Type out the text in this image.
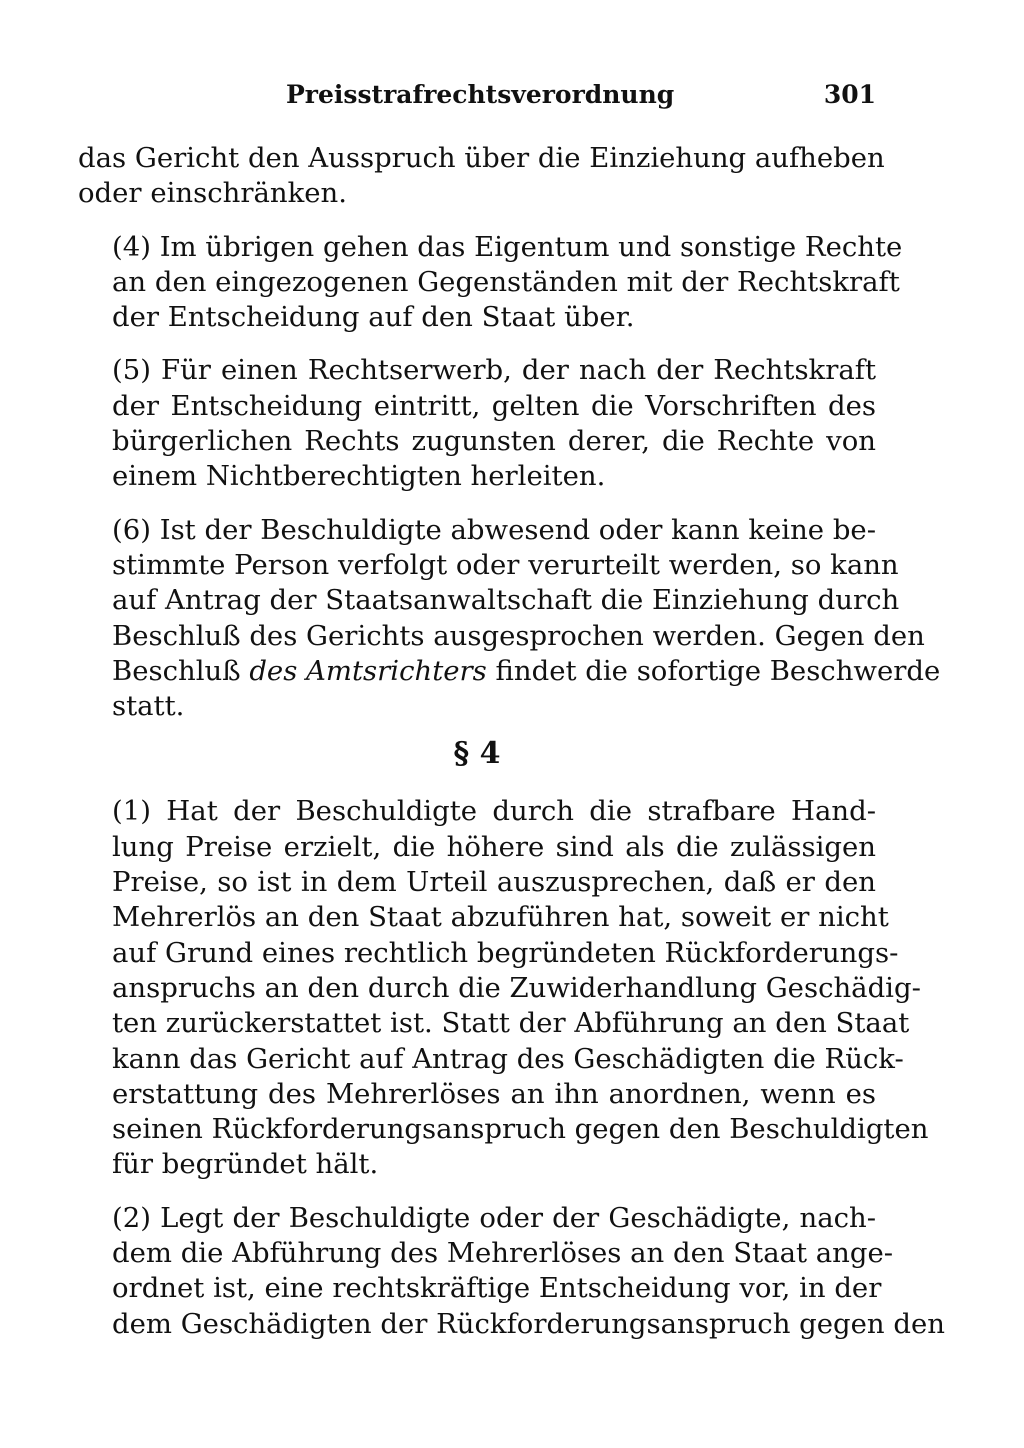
Preisstrafrechtsverordnung	301

das Gericht den Ausspruch über die Einziehung aufheben
oder einschränken.

(4) Im übrigen gehen das Eigentum und sonstige Rechte
an den eingezogenen Gegenständen mit der Rechtskraft
der Entscheidung auf den Staat über.

(5) Für einen Rechtserwerb, der nach der Rechtskraft
der Entscheidung eintritt, gelten die Vorschriften des
bürgerlichen Rechts zugunsten derer, die Rechte von
einem Nichtberechtigten herleiten.

(6) Ist der Beschuldigte abwesend oder kann keine be-
stimmte Person verfolgt oder verurteilt werden, so kann
auf Antrag der Staatsanwaltschaft die Einziehung durch
Beschluß des Gerichts ausgesprochen werden. Gegen den
Beschluß des Amtsrichters findet die sofortige Beschwerde
statt.

§ 4

(1) Hat der Beschuldigte durch die strafbare Hand-
lung Preise erzielt, die höhere sind als die zulässigen
Preise, so ist in dem Urteil auszusprechen, daß er den
Mehrerlös an den Staat abzuführen hat, soweit er nicht
auf Grund eines rechtlich begründeten Rückforderungs-
anspruchs an den durch die Zuwiderhandlung Geschädig-
ten zurückerstattet ist. Statt der Abführung an den Staat
kann das Gericht auf Antrag des Geschädigten die Rück-
erstattung des Mehrerlöses an ihn anordnen, wenn es
seinen Rückforderungsanspruch gegen den Beschuldigten
für begründet hält.

(2) Legt der Beschuldigte oder der Geschädigte, nach-
dem die Abführung des Mehrerlöses an den Staat ange-
ordnet ist, eine rechtskräftige Entscheidung vor, in der
dem Geschädigten der Rückforderungsanspruch gegen den
